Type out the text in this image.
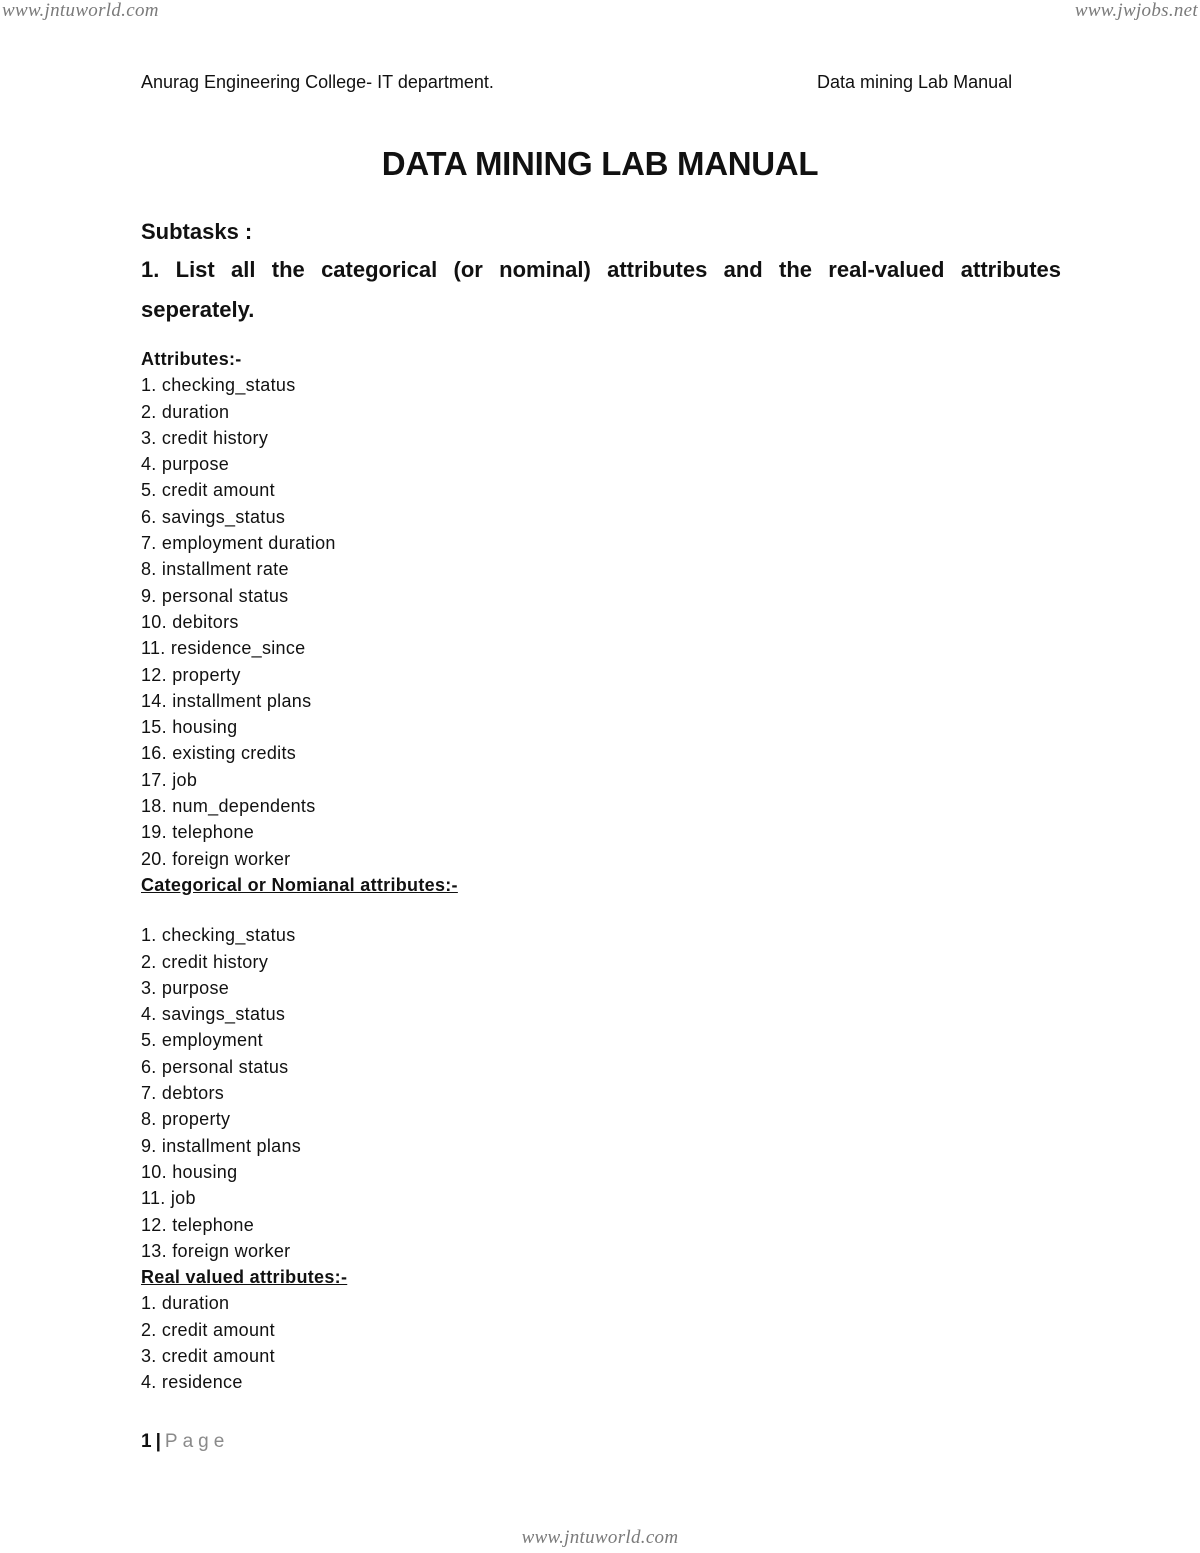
www.jntuworld.com	www.jwjobs.net
Anurag Engineering College- IT department.	Data mining Lab Manual
DATA MINING LAB MANUAL
Subtasks :
1. List all the categorical (or nominal) attributes and the real-valued attributes seperately.
Attributes:-
1. checking_status
2. duration
3. credit history
4. purpose
5. credit amount
6. savings_status
7. employment duration
8. installment rate
9. personal status
10. debitors
11. residence_since
12. property
14. installment plans
15. housing
16. existing credits
17. job
18. num_dependents
19. telephone
20. foreign worker
Categorical or Nomianal attributes:-
1. checking_status
2. credit history
3. purpose
4. savings_status
5. employment
6. personal status
7. debtors
8. property
9. installment plans
10. housing
11. job
12. telephone
13. foreign worker
Real valued attributes:-
1. duration
2. credit amount
3. credit amount
4. residence
1 | Page
www.jntuworld.com
